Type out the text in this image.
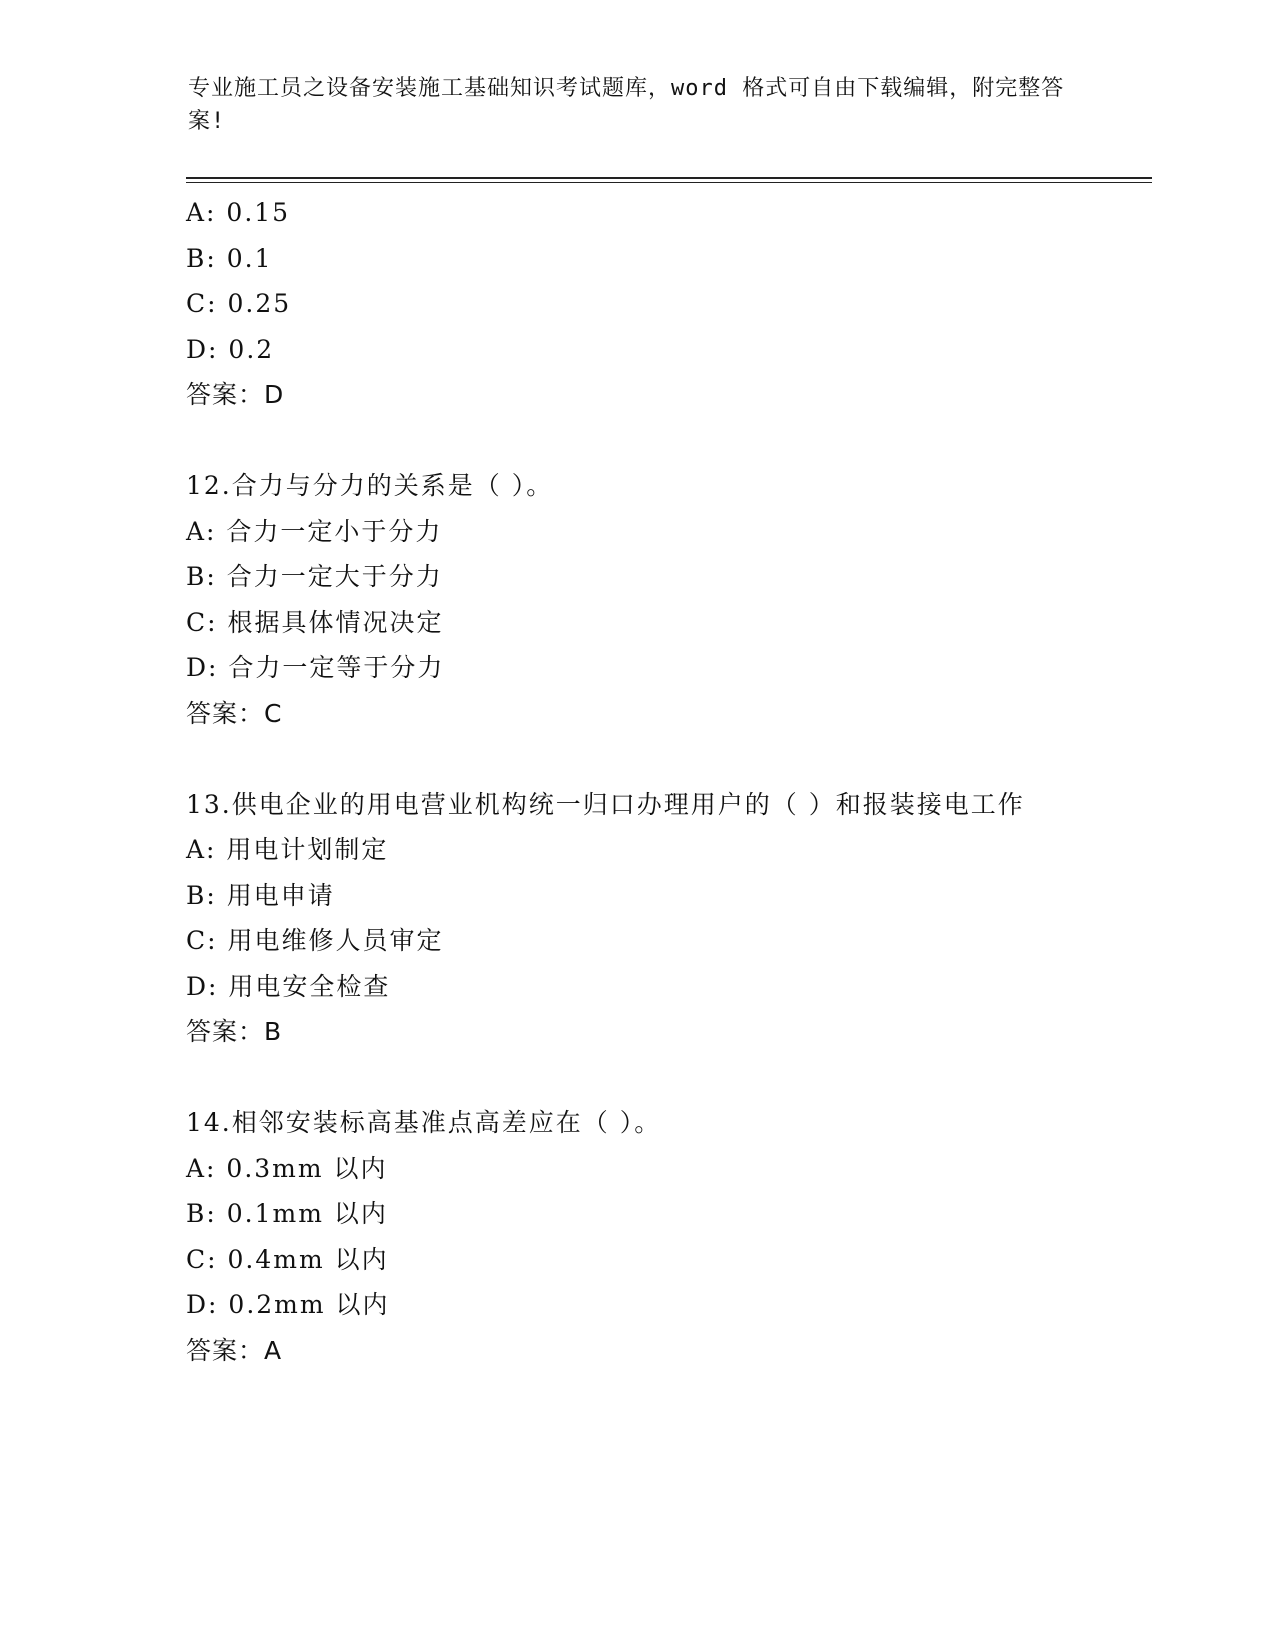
专业施工员之设备安装施工基础知识考试题库，word 格式可自由下载编辑，附完整答案!
A: 0.15
B: 0.1
C: 0.25
D: 0.2
答案：D
12.合力与分力的关系是（ ）。
A: 合力一定小于分力
B: 合力一定大于分力
C: 根据具体情况决定
D: 合力一定等于分力
答案：C
13.供电企业的用电营业机构统一归口办理用户的（ ）和报装接电工作
A: 用电计划制定
B: 用电申请
C: 用电维修人员审定
D: 用电安全检查
答案：B
14.相邻安装标高基准点高差应在（ ）。
A: 0.3mm 以内
B: 0.1mm 以内
C: 0.4mm 以内
D: 0.2mm 以内
答案：A
